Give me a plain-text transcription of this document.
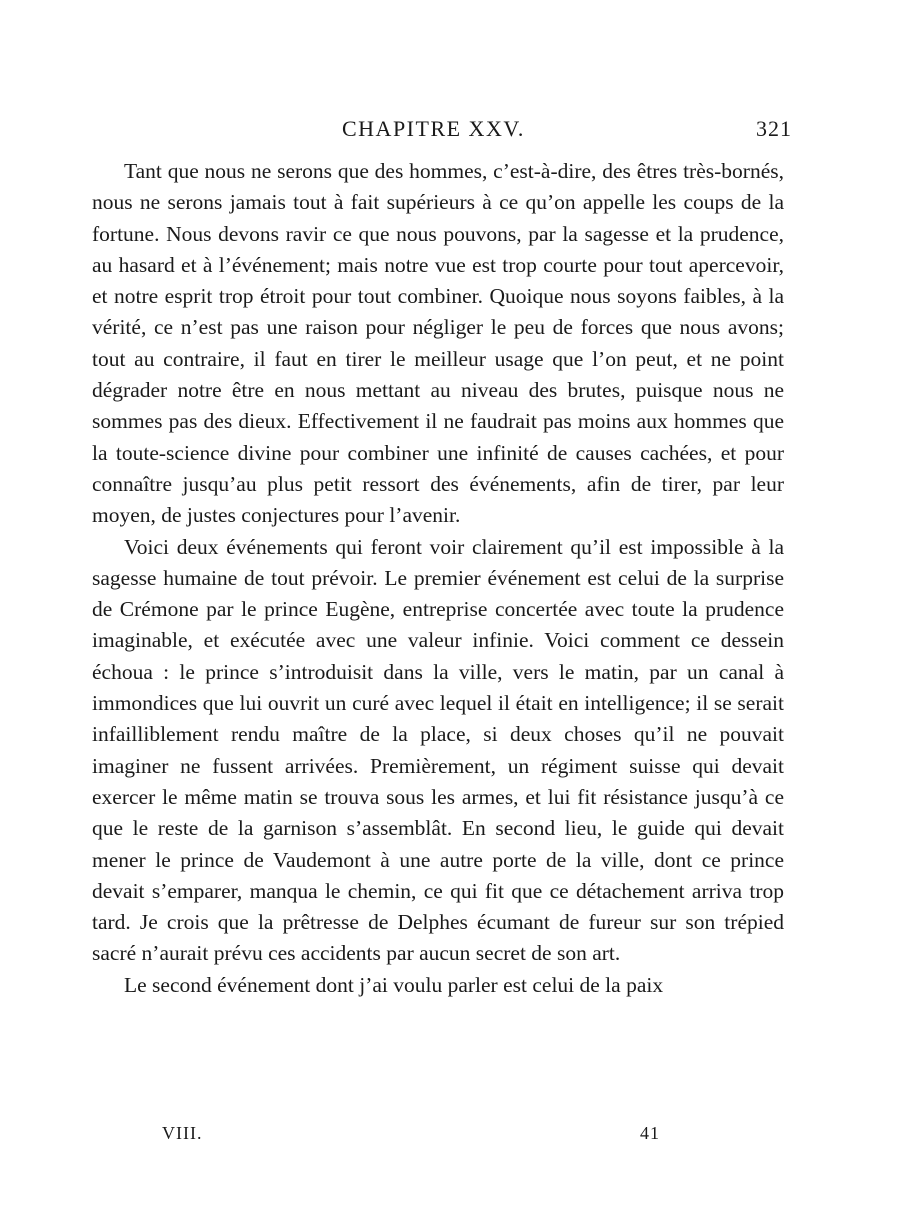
CHAPITRE XXV.	321

Tant que nous ne serons que des hommes, c’est-à-dire, des êtres très-bornés, nous ne serons jamais tout à fait supérieurs à ce qu’on appelle les coups de la fortune. Nous devons ravir ce que nous pouvons, par la sagesse et la prudence, au hasard et à l’événement; mais notre vue est trop courte pour tout apercevoir, et notre esprit trop étroit pour tout combiner. Quoique nous soyons faibles, à la vérité, ce n’est pas une raison pour négliger le peu de forces que nous avons; tout au contraire, il faut en tirer le meilleur usage que l’on peut, et ne point dégrader notre être en nous mettant au niveau des brutes, puisque nous ne sommes pas des dieux. Effectivement il ne faudrait pas moins aux hommes que la toute-science divine pour combiner une infinité de causes cachées, et pour connaître jusqu’au plus petit ressort des événements, afin de tirer, par leur moyen, de justes conjectures pour l’avenir.

Voici deux événements qui feront voir clairement qu’il est impossible à la sagesse humaine de tout prévoir. Le premier événement est celui de la surprise de Crémone par le prince Eugène, entreprise concertée avec toute la prudence imaginable, et exécutée avec une valeur infinie. Voici comment ce dessein échoua : le prince s’introduisit dans la ville, vers le matin, par un canal à immondices que lui ouvrit un curé avec lequel il était en intelligence; il se serait infailliblement rendu maître de la place, si deux choses qu’il ne pouvait imaginer ne fussent arrivées. Premièrement, un régiment suisse qui devait exercer le même matin se trouva sous les armes, et lui fit résistance jusqu’à ce que le reste de la garnison s’assemblât. En second lieu, le guide qui devait mener le prince de Vaudemont à une autre porte de la ville, dont ce prince devait s’emparer, manqua le chemin, ce qui fit que ce détachement arriva trop tard. Je crois que la prêtresse de Delphes écumant de fureur sur son trépied sacré n’aurait prévu ces accidents par aucun secret de son art.

Le second événement dont j’ai voulu parler est celui de la paix

VIII.	41
